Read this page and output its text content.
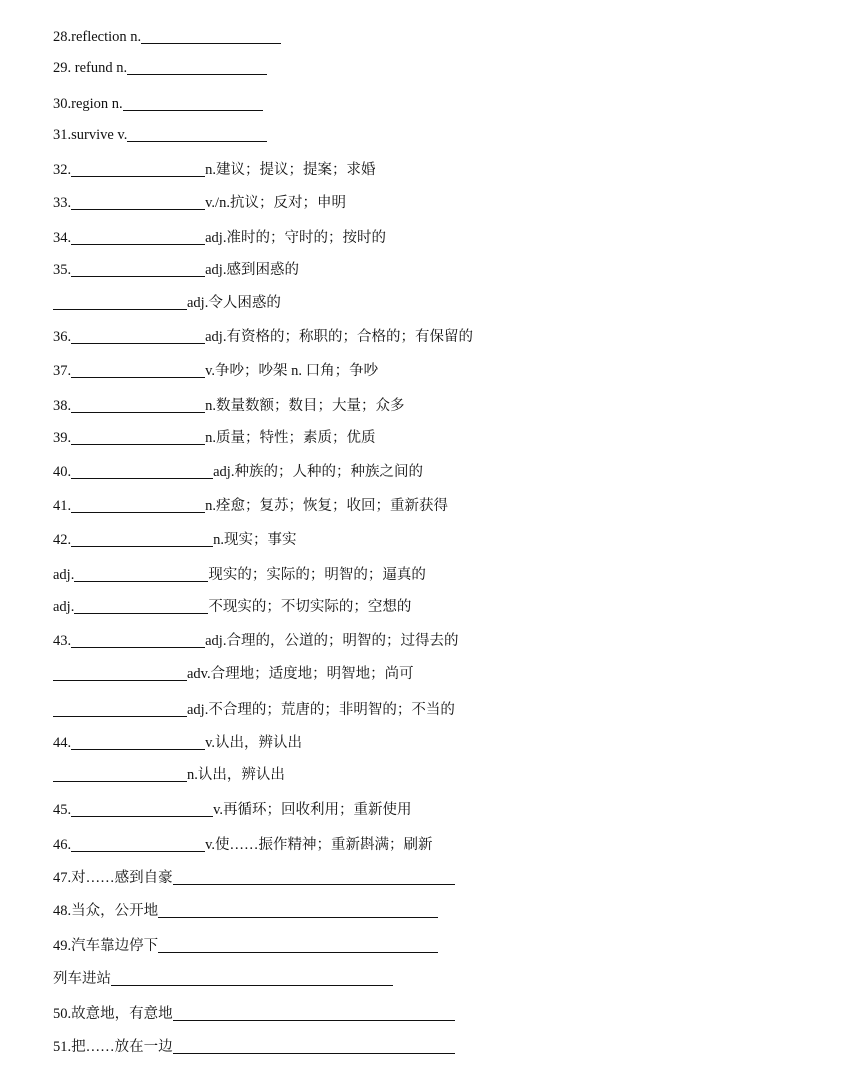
28.reflection n.
29. refund n.
30.region n.
31.survive v.
32.	n.建议；提议；提案；求婚
33.	v./n.抗议；反对；申明
34.	adj.准时的；守时的；按时的
35.	adj.感到困惑的
adj.令人困惑的
36.	adj.有资格的；称职的；合格的；有保留的
37.	v.争吵；吵架 n. 口角；争吵
38.	n.数量数额；数目；大量；众多
39.	n.质量；特性；素质；优质
40.	adj.种族的；人种的；种族之间的
41.	n.痊愈；复苏；恢复；收回；重新获得
42.	n.现实；事实
adj.	现实的；实际的；明智的；逼真的
adj.	不现实的；不切实际的；空想的
43.	adj.合理的，公道的；明智的；过得去的
adv.合理地；适度地；明智地；尚可
adj.不合理的；荒唐的；非明智的；不当的
44.	v.认出，辨认出
n.认出，辨认出
45.	v.再循环；回收利用；重新使用
46.	v.使……振作精神；重新斟满；刷新
47.对……感到自豪
48.当众，公开地
49.汽车靠边停下
列车进站
50.故意地，有意地
51.把……放在一边
